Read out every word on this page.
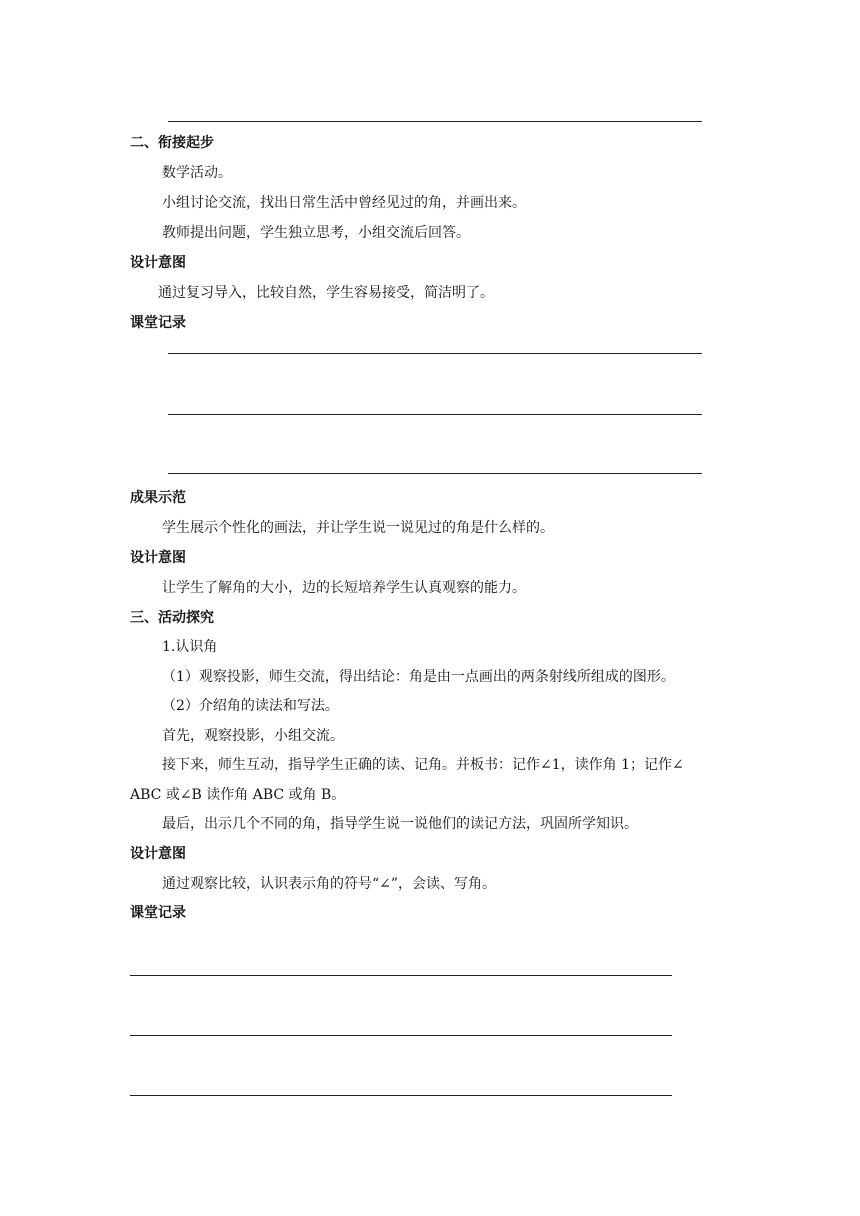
二、衔接起步
数学活动。
小组讨论交流，找出日常生活中曾经见过的角，并画出来。
教师提出问题，学生独立思考，小组交流后回答。
设计意图
通过复习导入，比较自然，学生容易接受，简洁明了。
课堂记录
成果示范
学生展示个性化的画法，并让学生说一说见过的角是什么样的。
设计意图
让学生了解角的大小，边的长短培养学生认真观察的能力。
三、活动探究
1.认识角
（1）观察投影，师生交流，得出结论：角是由一点画出的两条射线所组成的图形。
（2）介绍角的读法和写法。
首先，观察投影，小组交流。
接下来，师生互动，指导学生正确的读、记角。并板书：记作∠1，读作角 1；记作∠
ABC 或∠B 读作角 ABC 或角 B。
最后，出示几个不同的角，指导学生说一说他们的读记方法，巩固所学知识。
设计意图
通过观察比较，认识表示角的符号“∠”，会读、写角。
课堂记录
